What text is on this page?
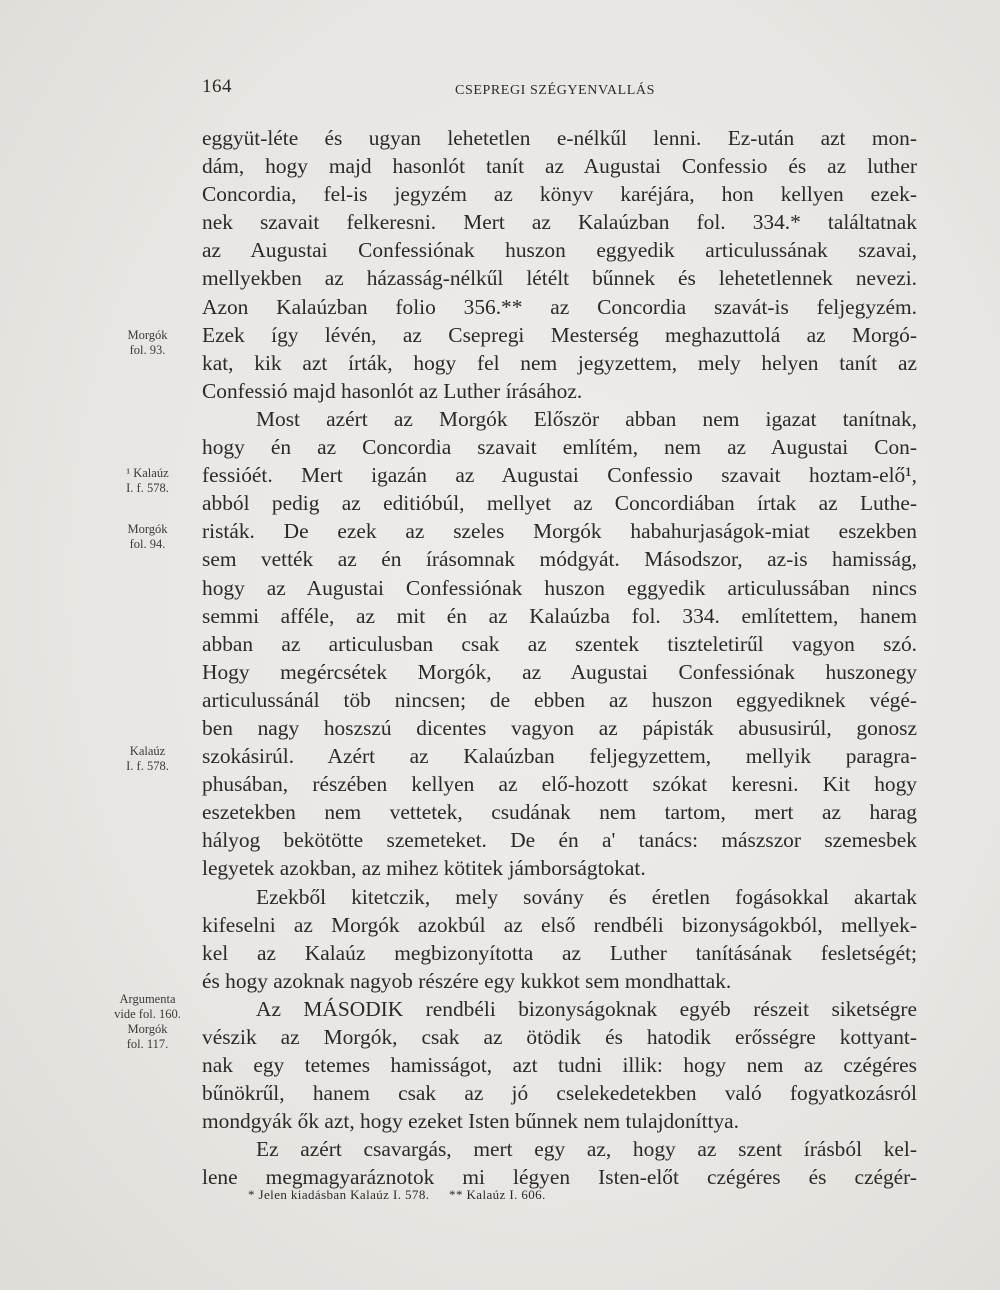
164	CSEPREGI SZÉGYENVALLÁS
eggyüt-léte és ugyan lehetetlen e-nélkűl lenni. Ez-után azt mon-
dám, hogy majd hasonlót tanít az Augustai Confessio és az luther
Concordia, fel-is jegyzém az könyv karéjára, hon kellyen ezek-
nek szavait felkeresni. Mert az Kalaúzban fol. 334.* találtatnak
az Augustai Confessiónak huszon eggyedik articulussának szavai,
mellyekben az házasság-nélkűl létélt bűnnek és lehetetlennek nevezi.
Azon Kalaúzban folio 356.** az Concordia szavát-is feljegyzém.
Ezek így lévén, az Csepregi Mesterség meghazuttolá az Morgó-
kat, kik azt írták, hogy fel nem jegyzettem, mely helyen tanít az
Confessió majd hasonlót az Luther írásához.
Most azért az Morgók Először abban nem igazat tanítnak,
hogy én az Concordia szavait említém, nem az Augustai Con-
fessióét. Mert igazán az Augustai Confessio szavait hoztam-elő¹,
abból pedig az editióbúl, mellyet az Concordiában írtak az Luthe-
risták. De ezek az szeles Morgók habahurjaságok-miat eszekben
sem vették az én írásomnak módgyát. Másodszor, az-is hamisság,
hogy az Augustai Confessiónak huszon eggyedik articulussában nincs
semmi afféle, az mit én az Kalaúzba fol. 334. említettem, hanem
abban az articulusban csak az szentek tiszteletirűl vagyon szó.
Hogy megércsétek Morgók, az Augustai Confessiónak huszonegy
articulussánál töb nincsen; de ebben az huszon eggyediknek végé-
ben nagy hoszszú dicentes vagyon az pápisták abususirúl, gonosz
szokásirúl. Azért az Kalaúzban feljegyzettem, mellyik paragra-
phusában, részében kellyen az elő-hozott szókat keresni. Kit hogy
eszetekben nem vettetek, csudának nem tartom, mert az harag
hályog bekötötte szemeteket. De én a' tanács: mászszor szemesbek
legyetek azokban, az mihez kötitek jámborságtokat.
Ezekből kitetczik, mely sovány és éretlen fogásokkal akartak
kifeselni az Morgók azokbúl az első rendbéli bizonyságokból, mellyek-
kel az Kalaúz megbizonyította az Luther tanításának fesletségét;
és hogy azoknak nagyob részére egy kukkot sem mondhattak.
Az MÁSODIK rendbéli bizonyságoknak egyéb részeit siketségre
vészik az Morgók, csak az ötödik és hatodik erősségre kottyant-
nak egy tetemes hamisságot, azt tudni illik: hogy nem az czégéres
bűnökrűl, hanem csak az jó cselekedetekben való fogyatkozásról
mondgyák ők azt, hogy ezeket Isten bűnnek nem tulajdoníttya.
Ez azért csavargás, mert egy az, hogy az szent írásból kel-
lene megmagyaráznotok mi légyen Isten-előt czégéres és czégér-
Morgók
fol. 93.
¹ Kalaúz
I. f. 578.
Morgók
fol. 94.
Kalaúz
I. f. 578.
Argumenta
vide fol. 160.
Morgók
fol. 117.
* Jelen kiadásban Kalaúz I. 578. ** Kalaúz I. 606.
